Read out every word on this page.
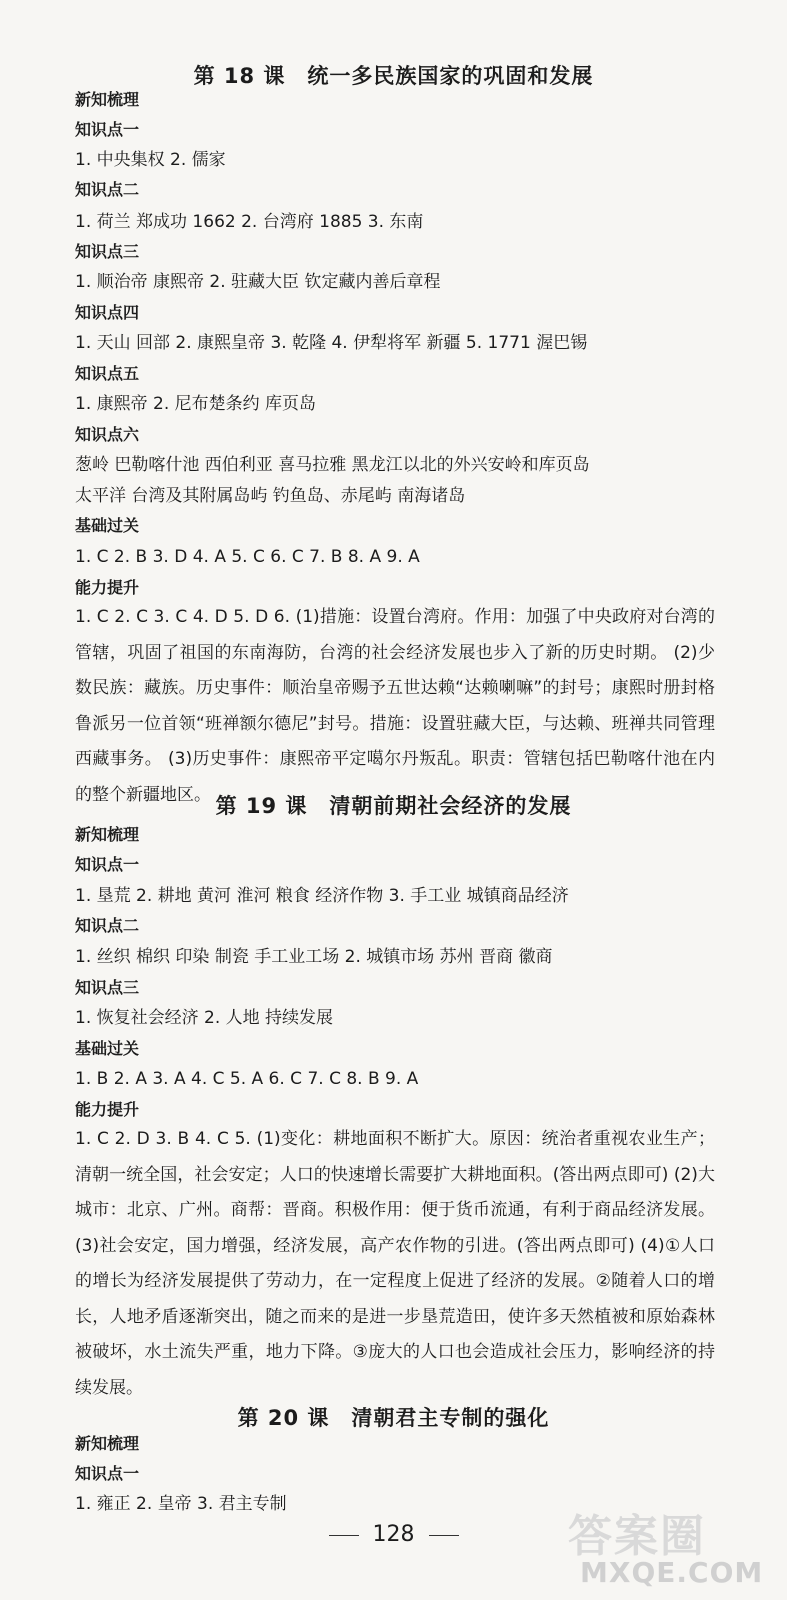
第 18 课 统一多民族国家的巩固和发展
新知梳理
知识点一
1. 中央集权 2. 儒家
知识点二
1. 荷兰 郑成功 1662 2. 台湾府 1885 3. 东南
知识点三
1. 顺治帝 康熙帝 2. 驻藏大臣 钦定藏内善后章程
知识点四
1. 天山 回部 2. 康熙皇帝 3. 乾隆 4. 伊犁将军 新疆 5. 1771 渥巴锡
知识点五
1. 康熙帝 2. 尼布楚条约 库页岛
知识点六
葱岭 巴勒喀什池 西伯利亚 喜马拉雅 黑龙江以北的外兴安岭和库页岛
太平洋 台湾及其附属岛屿 钓鱼岛、赤尾屿 南海诸岛
基础过关
1. C 2. B 3. D 4. A 5. C 6. C 7. B 8. A 9. A
能力提升
1. C 2. C 3. C 4. D 5. D 6. (1)措施：设置台湾府。作用：加强了中央政府对台湾的管辖，巩固了祖国的东南海防，台湾的社会经济发展也步入了新的历史时期。 (2)少数民族：藏族。历史事件：顺治皇帝赐予五世达赖“达赖喇嘛”的封号；康熙时册封格鲁派另一位首领“班禅额尔德尼”封号。措施：设置驻藏大臣，与达赖、班禅共同管理西藏事务。 (3)历史事件：康熙帝平定噶尔丹叛乱。职责：管辖包括巴勒喀什池在内的整个新疆地区。 第 19 课 清朝前期社会经济的发展
新知梳理
知识点一
1. 垦荒 2. 耕地 黄河 淮河 粮食 经济作物 3. 手工业 城镇商品经济
知识点二
1. 丝织 棉织 印染 制瓷 手工业工场 2. 城镇市场 苏州 晋商 徽商
知识点三
1. 恢复社会经济 2. 人地 持续发展
基础过关
1. B 2. A 3. A 4. C 5. A 6. C 7. C 8. B 9. A
能力提升
1. C 2. D 3. B 4. C 5. (1)变化：耕地面积不断扩大。原因：统治者重视农业生产；清朝一统全国，社会安定；人口的快速增长需要扩大耕地面积。(答出两点即可) (2)大城市：北京、广州。商帮：晋商。积极作用：便于货币流通，有利于商品经济发展。 (3)社会安定，国力增强，经济发展，高产农作物的引进。(答出两点即可) (4)①人口的增长为经济发展提供了劳动力，在一定程度上促进了经济的发展。②随着人口的增长，人地矛盾逐渐突出，随之而来的是进一步垦荒造田，使许多天然植被和原始森林被破坏，水土流失严重，地力下降。③庞大的人口也会造成社会压力，影响经济的持续发展。
第 20 课 清朝君主专制的强化
新知梳理
知识点一
1. 雍正 2. 皇帝 3. 君主专制
128	答案圈
MXQE.COM
